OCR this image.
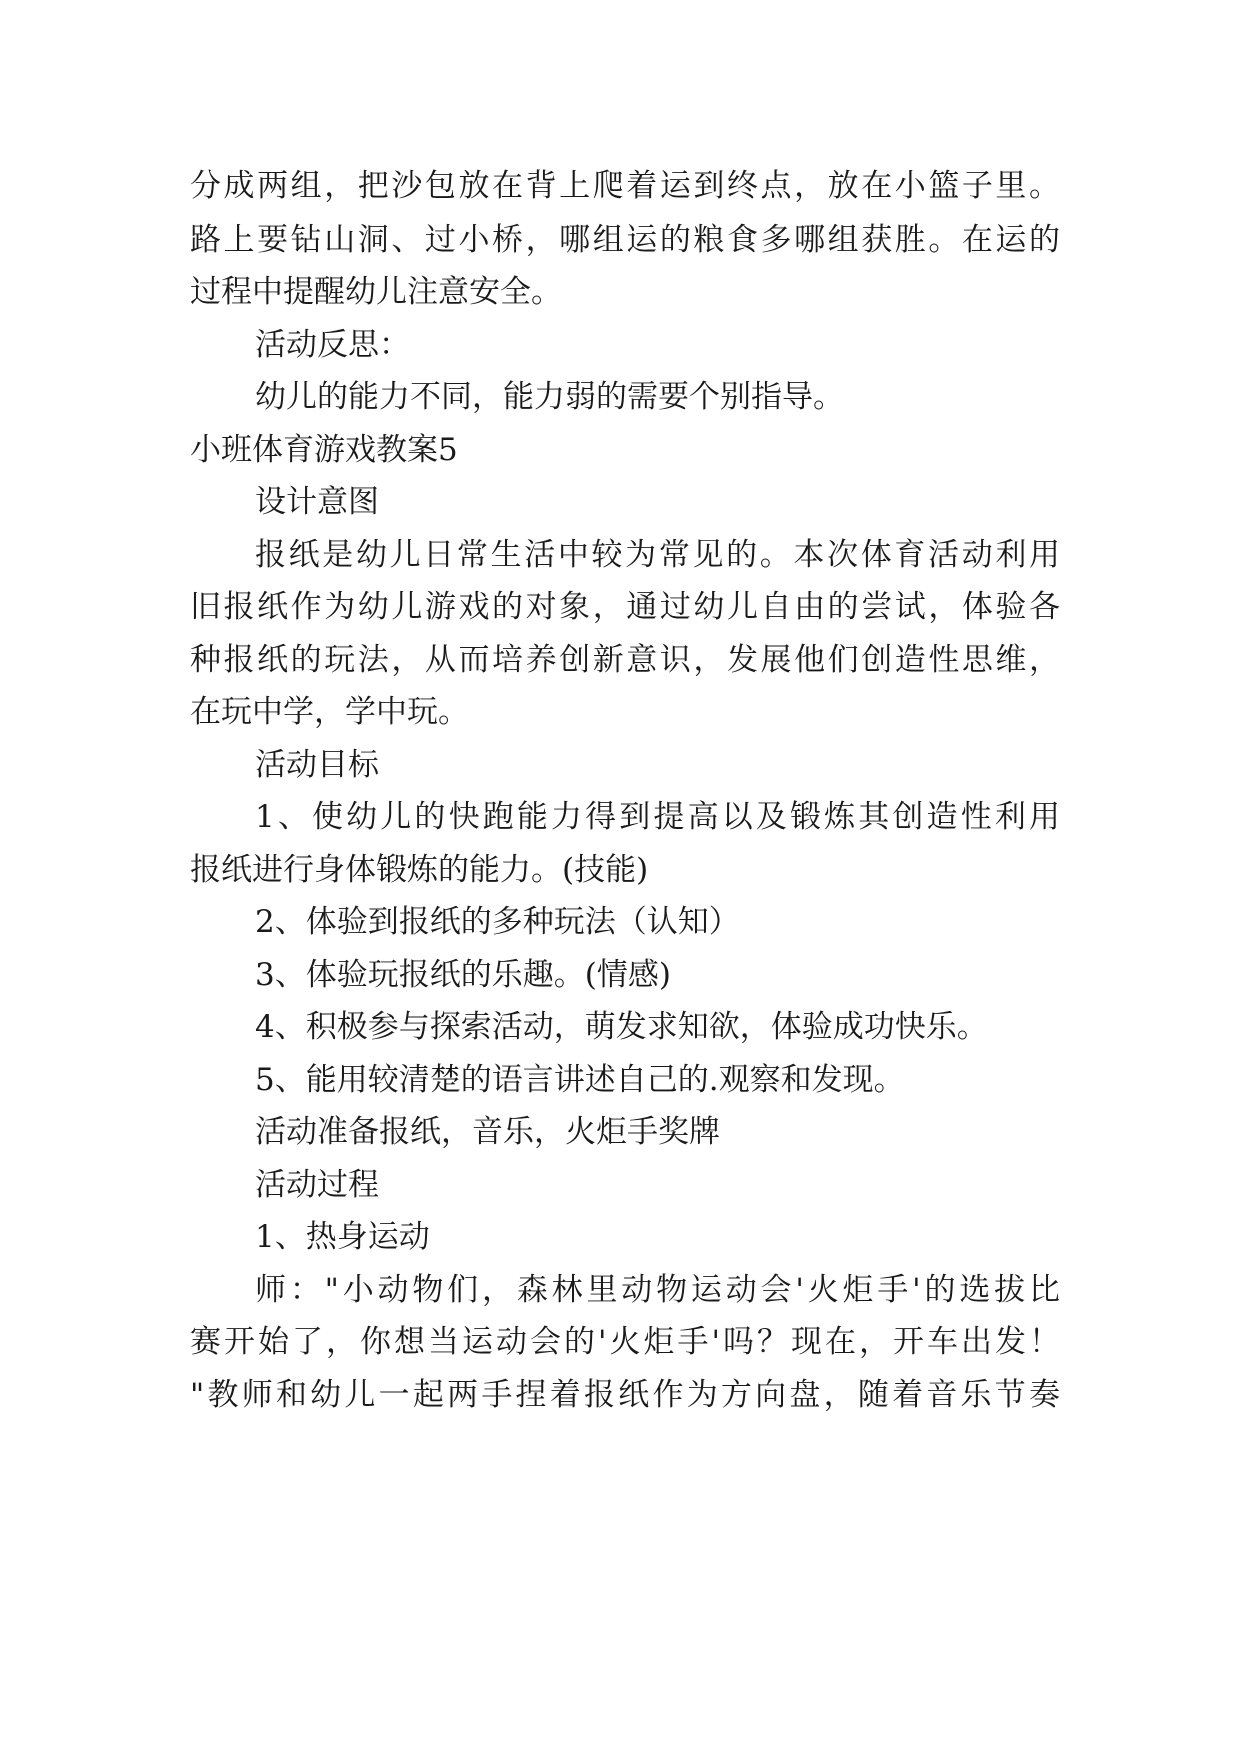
分成两组，把沙包放在背上爬着运到终点，放在小篮子里。
路上要钻山洞、过小桥，哪组运的粮食多哪组获胜。在运的
过程中提醒幼儿注意安全。
活动反思：
幼儿的能力不同，能力弱的需要个别指导。
小班体育游戏教案5
设计意图
报纸是幼儿日常生活中较为常见的。本次体育活动利用
旧报纸作为幼儿游戏的对象，通过幼儿自由的尝试，体验各
种报纸的玩法，从而培养创新意识，发展他们创造性思维，
在玩中学，学中玩。
活动目标
1、使幼儿的快跑能力得到提高以及锻炼其创造性利用
报纸进行身体锻炼的能力。(技能)
2、体验到报纸的多种玩法（认知）
3、体验玩报纸的乐趣。(情感)
4、积极参与探索活动，萌发求知欲，体验成功快乐。
5、能用较清楚的语言讲述自己的.观察和发现。
活动准备报纸，音乐，火炬手奖牌
活动过程
1、热身运动
师："小动物们，森林里动物运动会'火炬手'的选拔比
赛开始了，你想当运动会的'火炬手'吗？现在，开车出发！
"教师和幼儿一起两手捏着报纸作为方向盘，随着音乐节奏
